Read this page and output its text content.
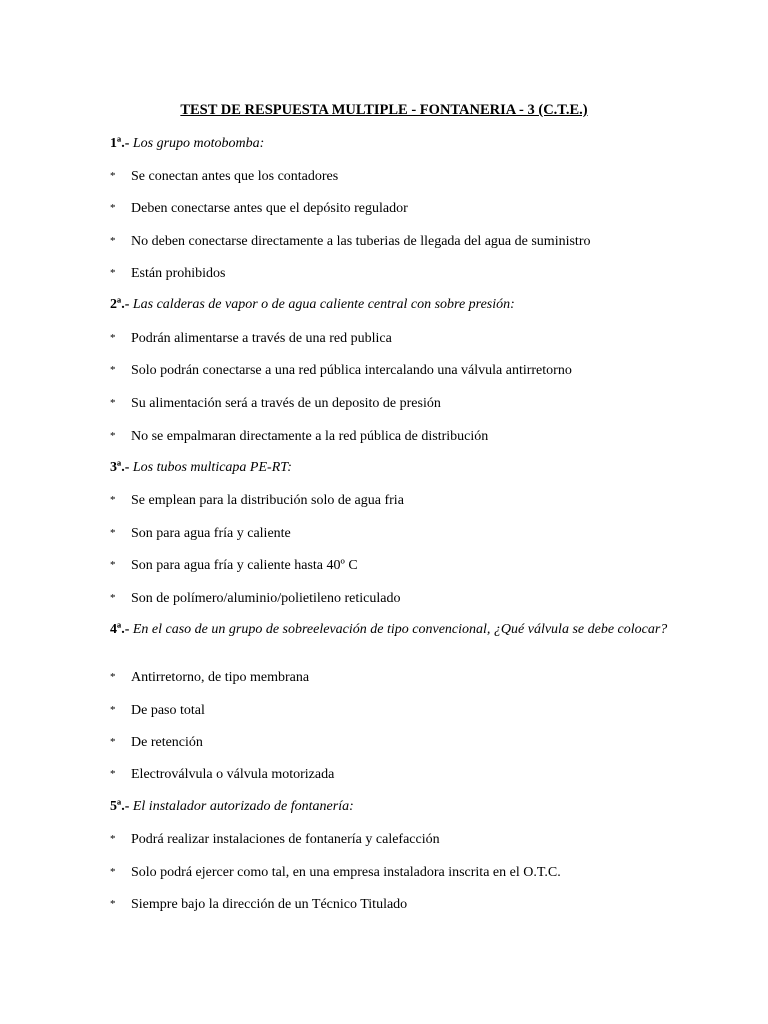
TEST DE RESPUESTA MULTIPLE - FONTANERIA - 3 (C.T.E.)
1ª.- Los grupo motobomba:
* Se conectan antes que los contadores
* Deben conectarse antes que el depósito regulador
* No deben conectarse directamente a las tuberias de llegada del agua de suministro
* Están prohibidos
2ª.- Las calderas de vapor o de agua caliente central con sobre presión:
* Podrán alimentarse a través de una red publica
* Solo podrán conectarse a una red pública intercalando una válvula antirretorno
* Su alimentación será a través de un deposito de presión
* No se empalmaran directamente a la red pública de distribución
3ª.- Los tubos multicapa PE-RT:
* Se emplean para la distribución solo de agua fria
* Son para agua fría y caliente
* Son para agua fría y caliente hasta 40º C
* Son de polímero/aluminio/polietileno reticulado
4ª.- En el caso de un grupo de sobreelevación de tipo convencional, ¿Qué válvula se debe colocar?
* Antirretorno, de tipo membrana
* De paso total
* De retención
* Electroválvula o válvula motorizada
5ª.- El instalador autorizado de fontanería:
* Podrá realizar instalaciones de fontanería y calefacción
* Solo podrá ejercer como tal, en una empresa instaladora inscrita en el O.T.C.
* Siempre bajo la dirección de un Técnico Titulado
